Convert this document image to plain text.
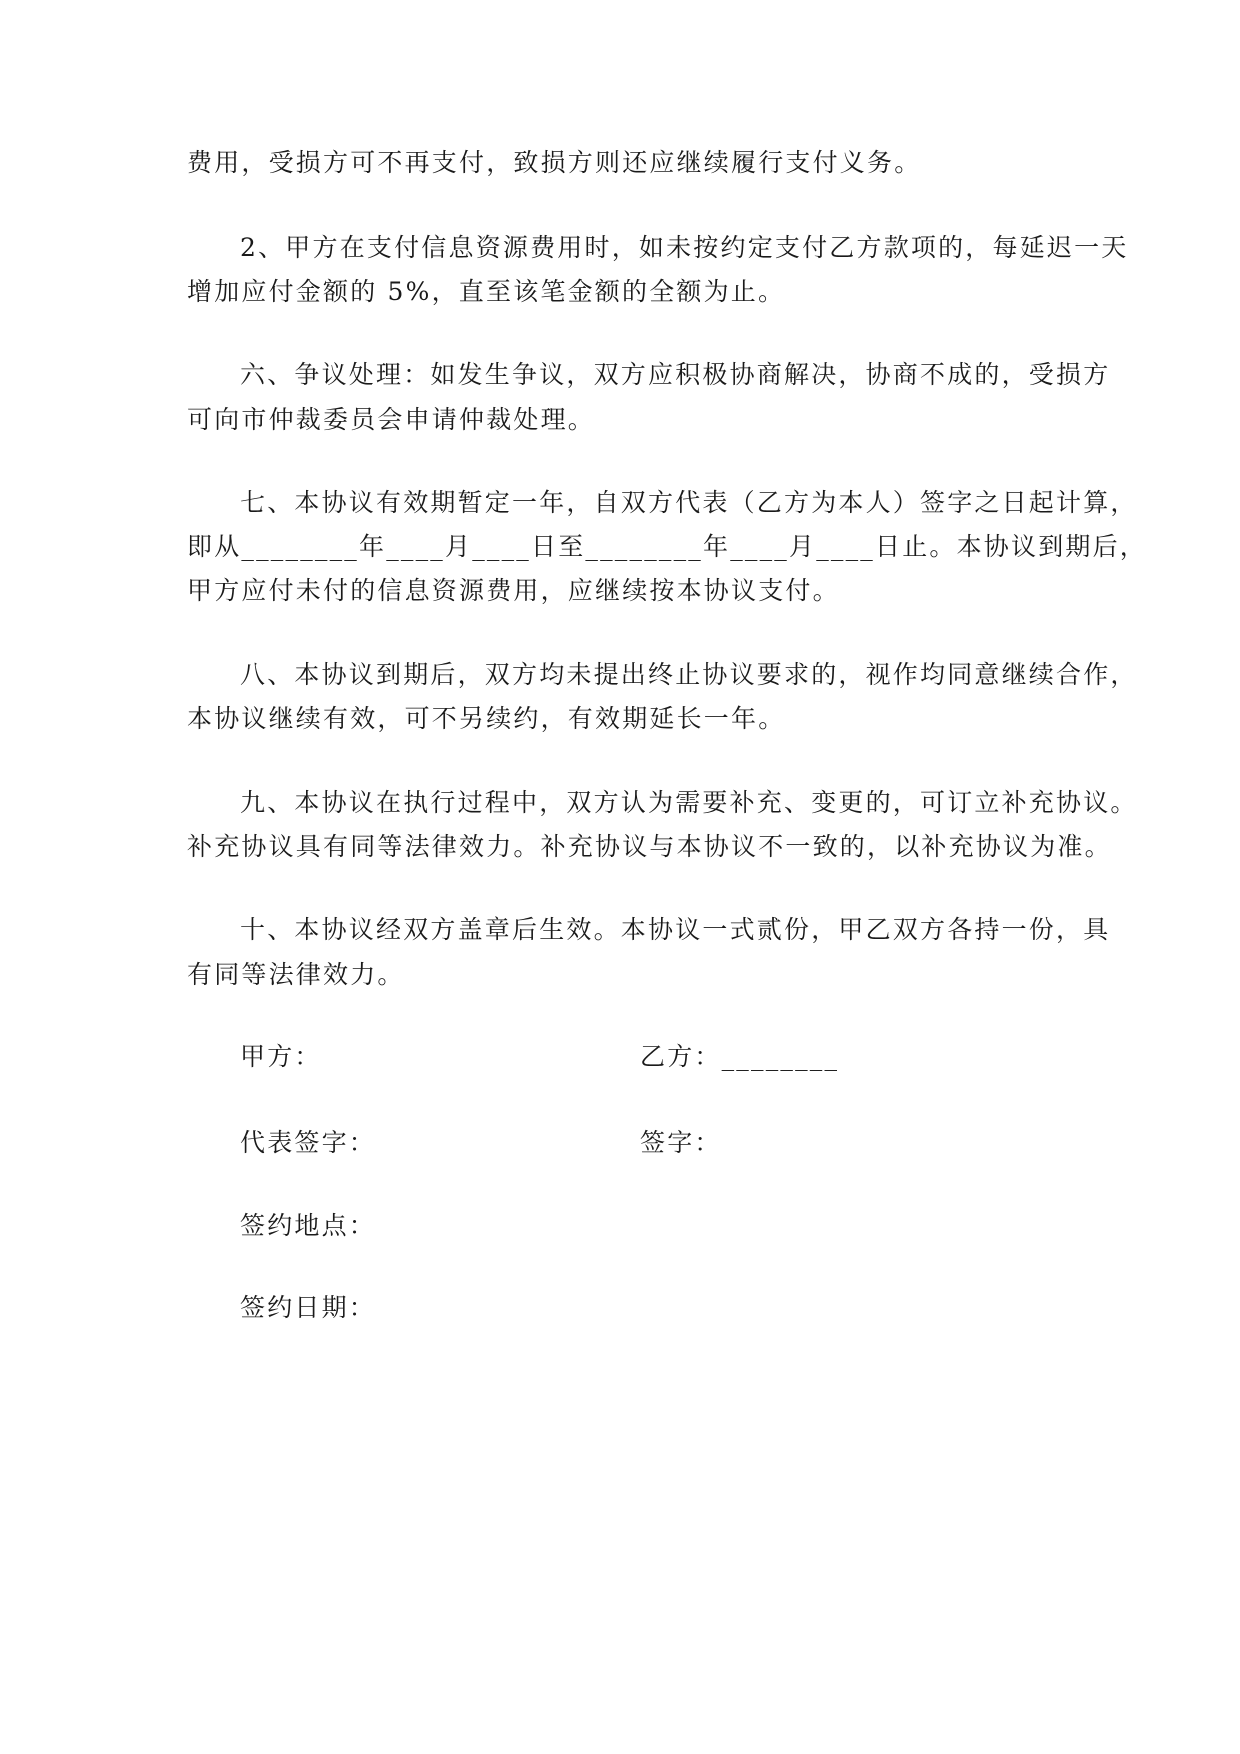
费用，受损方可不再支付，致损方则还应继续履行支付义务。
2、甲方在支付信息资源费用时，如未按约定支付乙方款项的，每延迟一天
增加应付金额的 5%，直至该笔金额的全额为止。
六、争议处理：如发生争议，双方应积极协商解决，协商不成的，受损方
可向市仲裁委员会申请仲裁处理。
七、本协议有效期暂定一年，自双方代表（乙方为本人）签字之日起计算，
即从________年____月____日至________年____月____日止。本协议到期后，
甲方应付未付的信息资源费用，应继续按本协议支付。
八、本协议到期后，双方均未提出终止协议要求的，视作均同意继续合作，
本协议继续有效，可不另续约，有效期延长一年。
九、本协议在执行过程中，双方认为需要补充、变更的，可订立补充协议。
补充协议具有同等法律效力。补充协议与本协议不一致的，以补充协议为准。
十、本协议经双方盖章后生效。本协议一式贰份，甲乙双方各持一份，具
有同等法律效力。
甲方：	乙方：________
代表签字：	签字：
签约地点：
签约日期：
